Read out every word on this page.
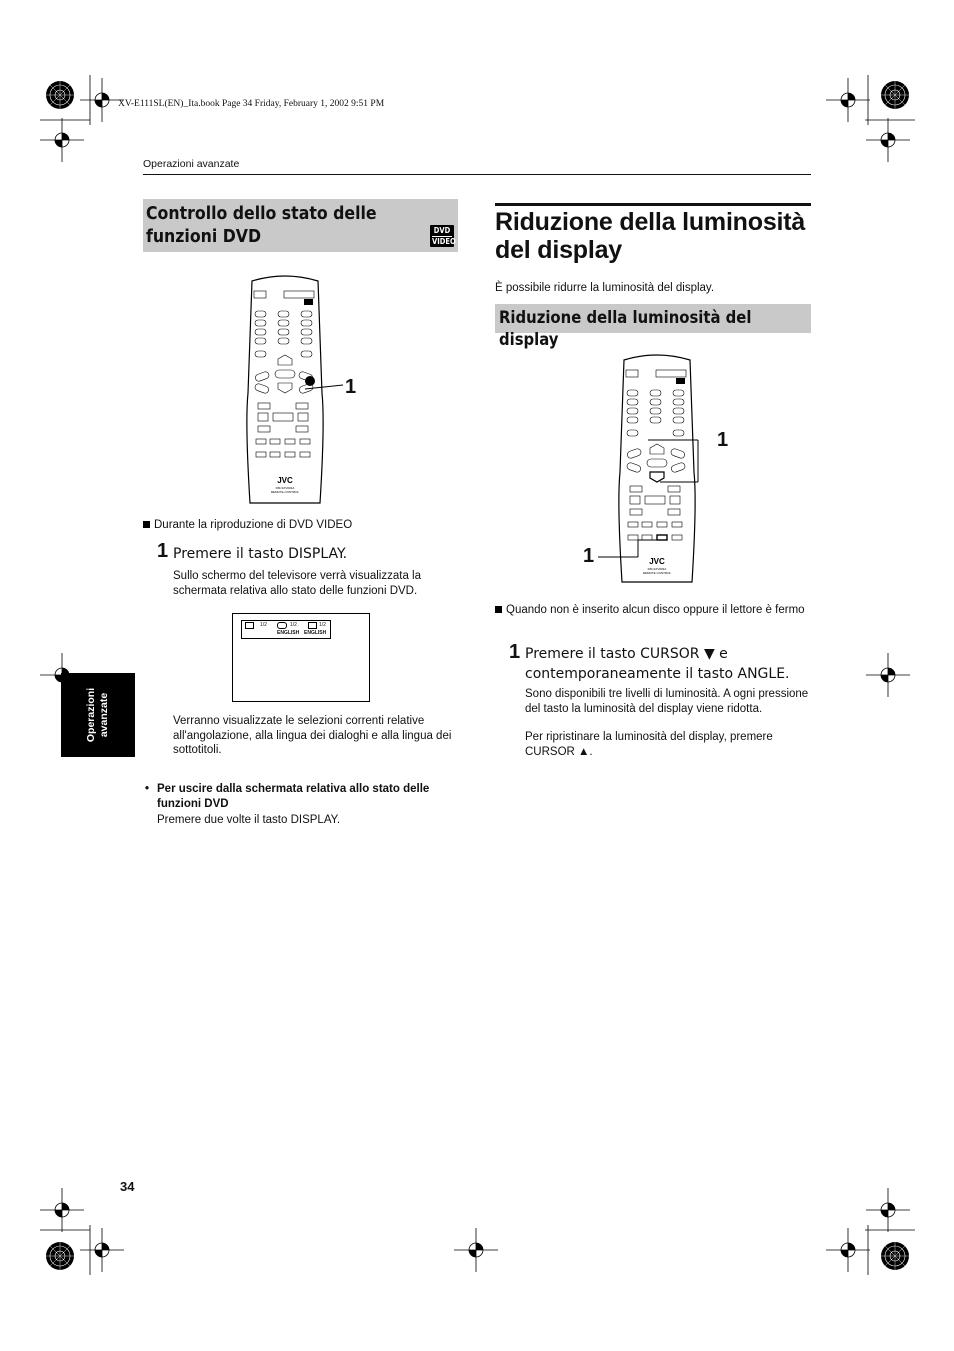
XV-E111SL(EN)_Ita.book Page 34 Friday, February 1, 2002 9:51 PM
Operazioni avanzate
Operazioni avanzate
34
Controllo dello stato delle
funzioni DVD	DVD
VIDEO
JVC
RM-SXV003A
REMOTE CONTROL
1
Durante la riproduzione di DVD VIDEO
1 Premere il tasto DISPLAY.
Sullo schermo del televisore verrà visualizzata la schermata relativa allo stato delle funzioni DVD.
1/2	1/2	1/2
ENGLISH ENGLISH
Verranno visualizzate le selezioni correnti relative all'angolazione, alla lingua dei dialoghi e alla lingua dei sottotitoli.
• Per uscire dalla schermata relativa allo stato delle funzioni DVD
Premere due volte il tasto DISPLAY.
Riduzione della luminosità
del display
È possibile ridurre la luminosità del display.
Riduzione della luminosità del display
JVC
RM-SXV003A
REMOTE CONTROL
1
1
Quando non è inserito alcun disco oppure il lettore è fermo
1 Premere il tasto CURSOR ▼ e
contemporaneamente il tasto ANGLE.
Sono disponibili tre livelli di luminosità. A ogni pressione del tasto la luminosità del display viene ridotta.
Per ripristinare la luminosità del display, premere CURSOR ▲.
